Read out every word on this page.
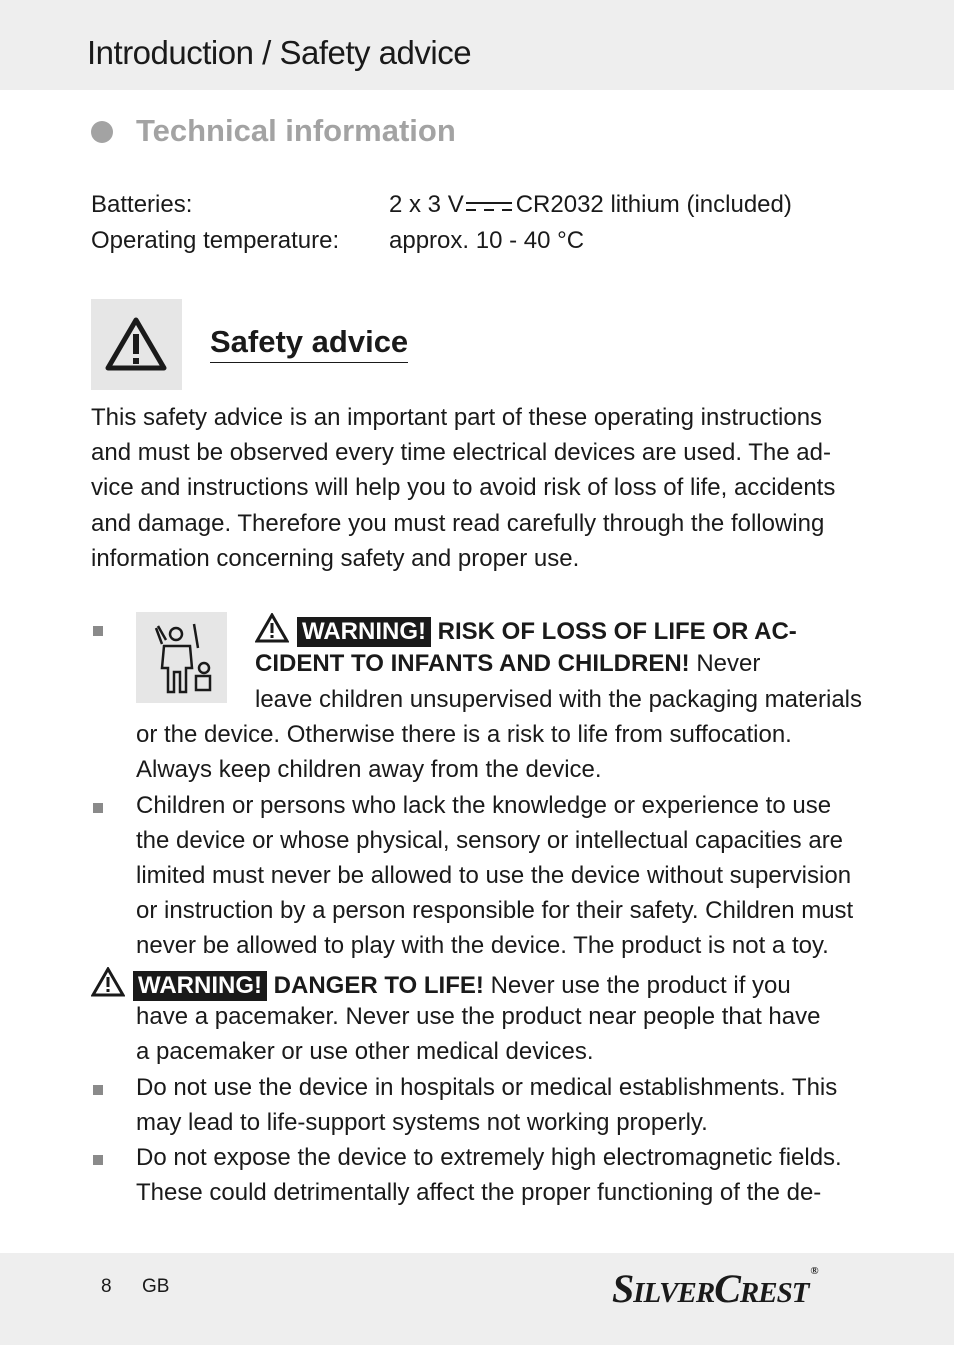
Introduction / Safety advice
Technical information
Batteries:	2 x 3 V CR2032 lithium (included)
Operating temperature: approx. 10 - 40 °C
Safety advice
This safety advice is an important part of these operating instructions
and must be observed every time electrical devices are used. The ad-
vice and instructions will help you to avoid risk of loss of life, accidents
and damage. Therefore you must read carefully through the following
information concerning safety and proper use.
WARNING! RISK OF LOSS OF LIFE OR AC-
CIDENT TO INFANTS AND CHILDREN! Never
leave children unsupervised with the packaging materials
or the device. Otherwise there is a risk to life from suffocation.
Always keep children away from the device.
Children or persons who lack the knowledge or experience to use
the device or whose physical, sensory or intellectual capacities are
limited must never be allowed to use the device without supervision
or instruction by a person responsible for their safety. Children must
never be allowed to play with the device. The product is not a toy.
WARNING! DANGER TO LIFE! Never use the product if you
have a pacemaker. Never use the product near people that have
a pacemaker or use other medical devices.
Do not use the device in hospitals or medical establishments. This
may lead to life-support systems not working properly.
Do not expose the device to extremely high electromagnetic fields.
These could detrimentally affect the proper functioning of the de-
8 GB	SILVERCREST®
